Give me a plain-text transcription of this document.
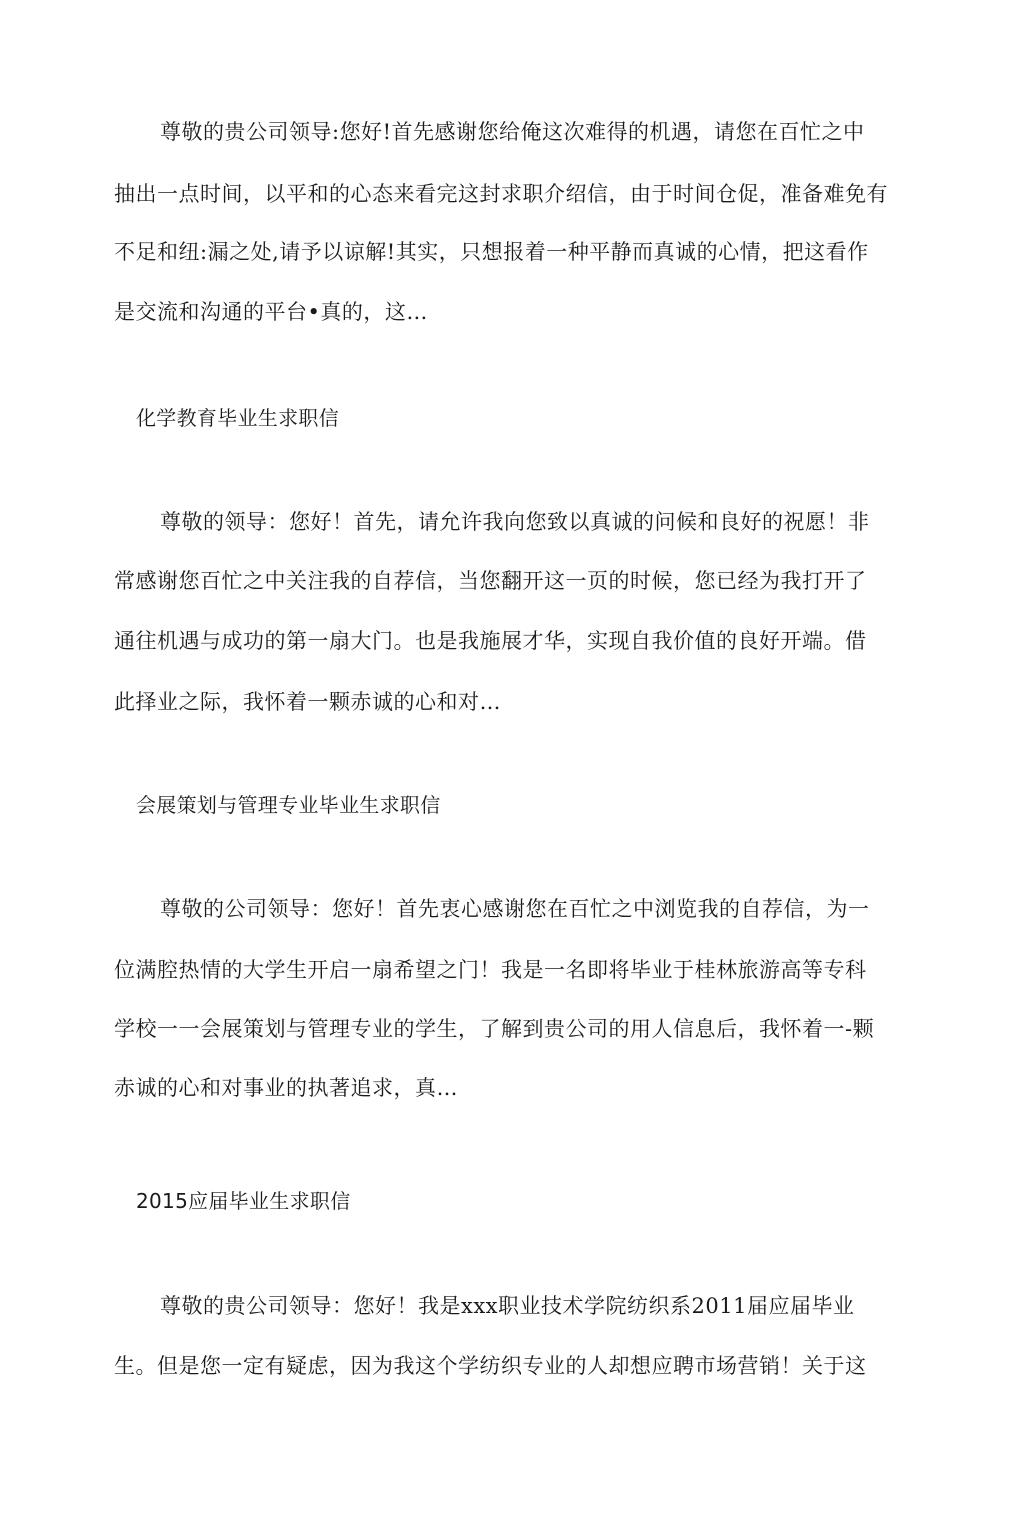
尊敬的贵公司领导:您好!首先感谢您给俺这次难得的机遇，请您在百忙之中
抽出一点时间，以平和的心态来看完这封求职介绍信，由于时间仓促，准备难免有
不足和纽:漏之处,请予以谅解!其实，只想报着一种平静而真诚的心情，把这看作
是交流和沟通的平台•真的，这…
化学教育毕业生求职信
尊敬的领导：您好！首先，请允许我向您致以真诚的问候和良好的祝愿！非
常感谢您百忙之中关注我的自荐信，当您翻开这一页的时候，您已经为我打开了
通往机遇与成功的第一扇大门。也是我施展才华，实现自我价值的良好开端。借
此择业之际，我怀着一颗赤诚的心和对…
会展策划与管理专业毕业生求职信
尊敬的公司领导：您好！首先衷心感谢您在百忙之中浏览我的自荐信，为一
位满腔热情的大学生开启一扇希望之门！我是一名即将毕业于桂林旅游高等专科
学校一一会展策划与管理专业的学生，了解到贵公司的用人信息后，我怀着一-颗
赤诚的心和对事业的执著追求，真…
2015应届毕业生求职信
尊敬的贵公司领导：您好！我是xxx职业技术学院纺织系2011届应届毕业
生。但是您一定有疑虑，因为我这个学纺织专业的人却想应聘市场营销！关于这
